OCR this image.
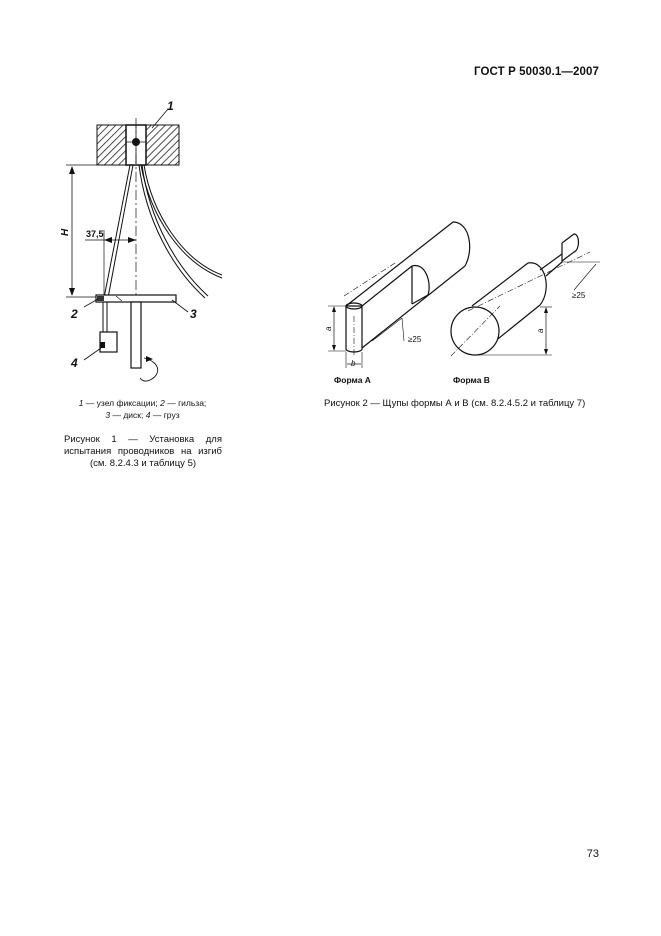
ГОСТ Р 50030.1—2007
1
H 37,5
2	3
4
a
b
≥25
Форма A
a
≥25
Форма B
1 — узел фиксации; 2 — гильза;
3 — диск; 4 — груз
Рисунок 1 — Установка для испытания проводников на изгиб (см. 8.2.4.3 и таблицу 5)
Рисунок 2 — Щупы формы А и В (см. 8.2.4.5.2 и таблицу 7)
73
